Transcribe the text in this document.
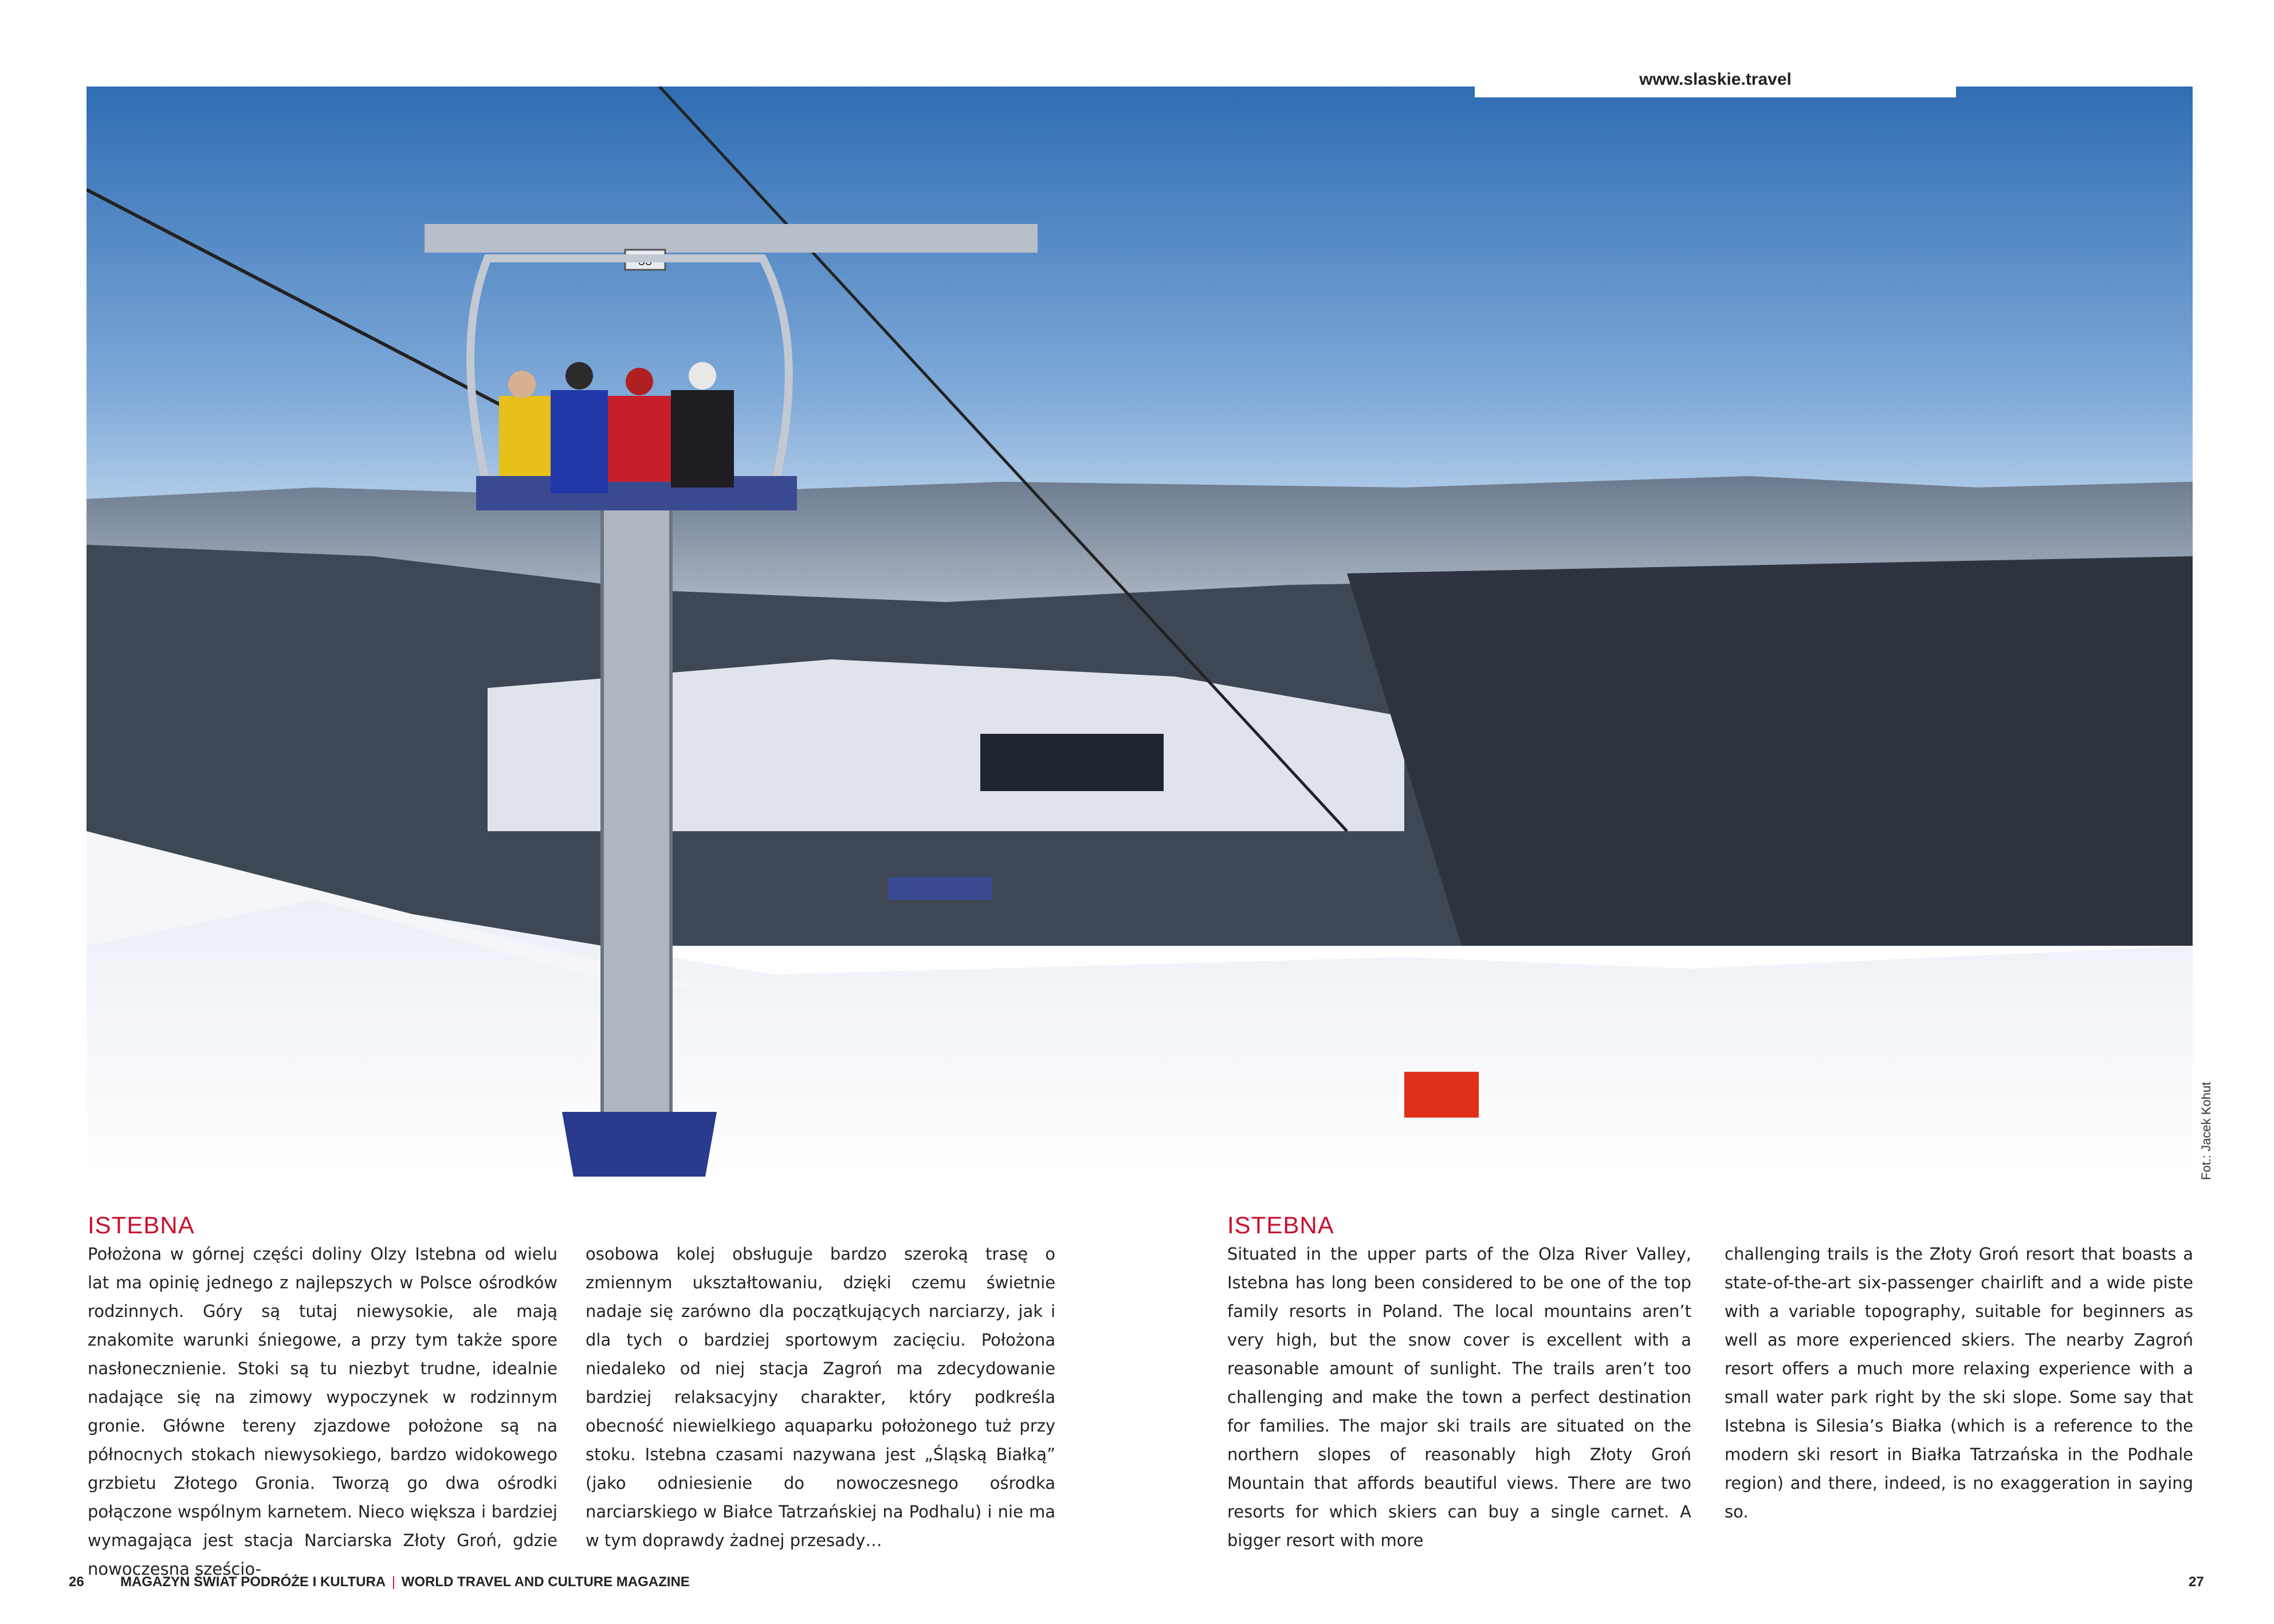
www.slaskie.travel
33
Fot.: Jacek Kohut
ISTEBNA
Położona w górnej części doliny Olzy Istebna od wielu lat ma opinię jednego z najlepszych w Polsce ośrodków rodzinnych. Góry są tutaj niewysokie, ale mają znakomite warunki śniegowe, a przy tym także spore nasłonecznienie. Stoki są tu niezbyt trudne, idealnie nadające się na zimowy wypoczynek w rodzinnym gronie. Główne tereny zjazdowe położone są na północnych stokach niewysokiego, bardzo widokowego grzbietu Złotego Gronia. Tworzą go dwa ośrodki połączone wspólnym karnetem. Nieco większa i bardziej wymagająca jest stacja Narciarska Złoty Groń, gdzie nowoczesna sześcio-
osobowa kolej obsługuje bardzo szeroką trasę o zmiennym ukształtowaniu, dzięki czemu świetnie nadaje się zarówno dla początkujących narciarzy, jak i dla tych o bardziej sportowym zacięciu. Położona niedaleko od niej stacja Zagroń ma zdecydowanie bardziej relaksacyjny charakter, który podkreśla obecność niewielkiego aquaparku położonego tuż przy stoku. Istebna czasami nazywana jest „Śląską Białką” (jako odniesienie do nowoczesnego ośrodka narciarskiego w Białce Tatrzańskiej na Podhalu) i nie ma w tym doprawdy żadnej przesady…
ISTEBNA
Situated in the upper parts of the Olza River Valley, Istebna has long been considered to be one of the top family resorts in Poland. The local mountains aren’t very high, but the snow cover is excellent with a reasonable amount of sunlight. The trails aren’t too challenging and make the town a perfect destination for families. The major ski trails are situated on the northern slopes of reasonably high Złoty Groń Mountain that affords beautiful views. There are two resorts for which skiers can buy a single carnet. A bigger resort with more
challenging trails is the Złoty Groń resort that boasts a state-of-the-art six-passenger chairlift and a wide piste with a variable topography, suitable for beginners as well as more experienced skiers. The nearby Zagroń resort offers a much more relaxing experience with a small water park right by the ski slope. Some say that Istebna is Silesia’s Białka (which is a reference to the modern ski resort in Białka Tatrzańska in the Podhale region) and there, indeed, is no exaggeration in saying so.
26	MAGAZYN ŚWIAT PODRÓŻE I KULTURA | WORLD TRAVEL AND CULTURE MAGAZINE	27
